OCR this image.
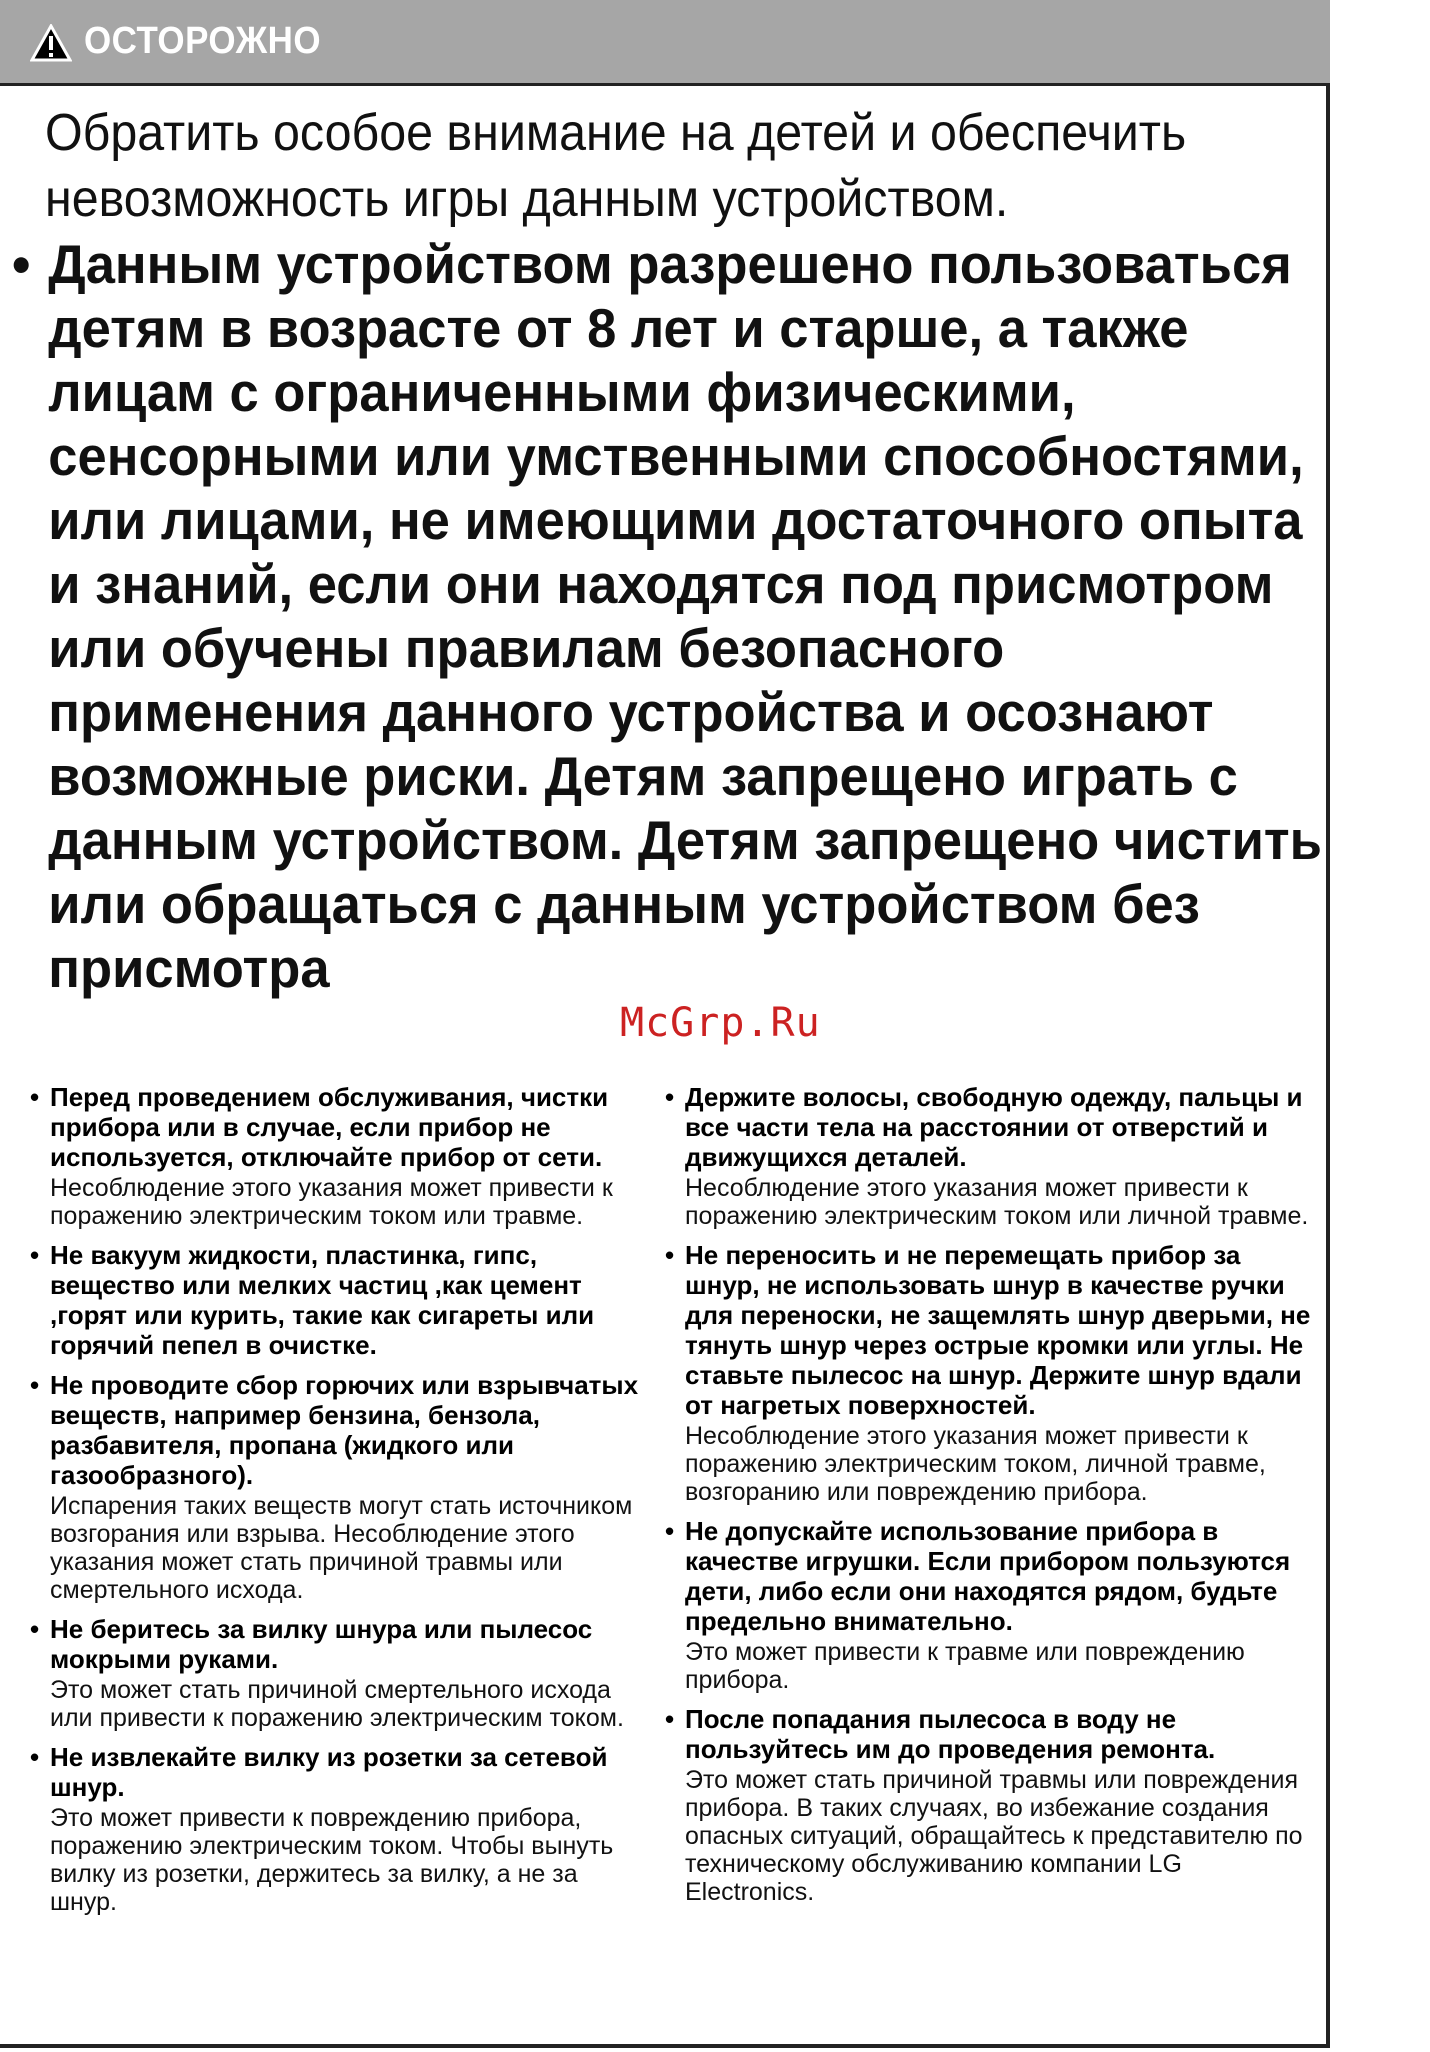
ОСТОРОЖНО
Обратить особое внимание на детей и обеспечить невозможность игры данным устройством.
• Данным устройством разрешено пользоваться детям в возрасте от 8 лет и старше, а также лицам с ограниченными физическими, сенсорными или умственными способностями, или лицами, не имеющими достаточного опыта и знаний, если они находятся под присмотром или обучены правилам безопасного применения данного устройства и осознают возможные риски. Детям запрещено играть с данным устройством. Детям запрещено чистить или обращаться с данным устройством без присмотра
McGrp.Ru
• Перед проведением обслуживания, чистки прибора или в случае, если прибор не используется, отключайте прибор от сети.
Несоблюдение этого указания может привести к поражению электрическим током или травме.
• Не вакуум жидкости, пластинка, гипс, вещество или мелких частиц ,как цемент ,горят или курить, такие как сигареты или горячий пепел в очистке.
• Не проводите сбор горючих или взрывчатых веществ, например бензина, бензола, разбавителя, пропана (жидкого или газообразного).
Испарения таких веществ могут стать источником возгорания или взрыва. Несоблюдение этого указания может стать причиной травмы или смертельного исхода.
• Не беритесь за вилку шнура или пылесос мокрыми руками.
Это может стать причиной смертельного исхода или привести к поражению электрическим током.
• Не извлекайте вилку из розетки за сетевой шнур.
Это может привести к повреждению прибора, поражению электрическим током. Чтобы вынуть вилку из розетки, держитесь за вилку, а не за шнур.
• Держите волосы, свободную одежду, пальцы и все части тела на расстоянии от отверстий и движущихся деталей.
Несоблюдение этого указания может привести к поражению электрическим током или личной травме.
• Не переносить и не перемещать прибор за шнур, не использовать шнур в качестве ручки для переноски, не защемлять шнур дверьми, не тянуть шнур через острые кромки или углы. Не ставьте пылесос на шнур. Держите шнур вдали от нагретых поверхностей.
Несоблюдение этого указания может привести к поражению электрическим током, личной травме, возгоранию или повреждению прибора.
• Не допускайте использование прибора в качестве игрушки. Если прибором пользуются дети, либо если они находятся рядом, будьте предельно внимательно.
Это может привести к травме или повреждению прибора.
• После попадания пылесоса в воду не пользуйтесь им до проведения ремонта.
Это может стать причиной травмы или повреждения прибора. В таких случаях, во избежание создания опасных ситуаций, обращайтесь к представителю по техническому обслуживанию компании LG Electronics.
